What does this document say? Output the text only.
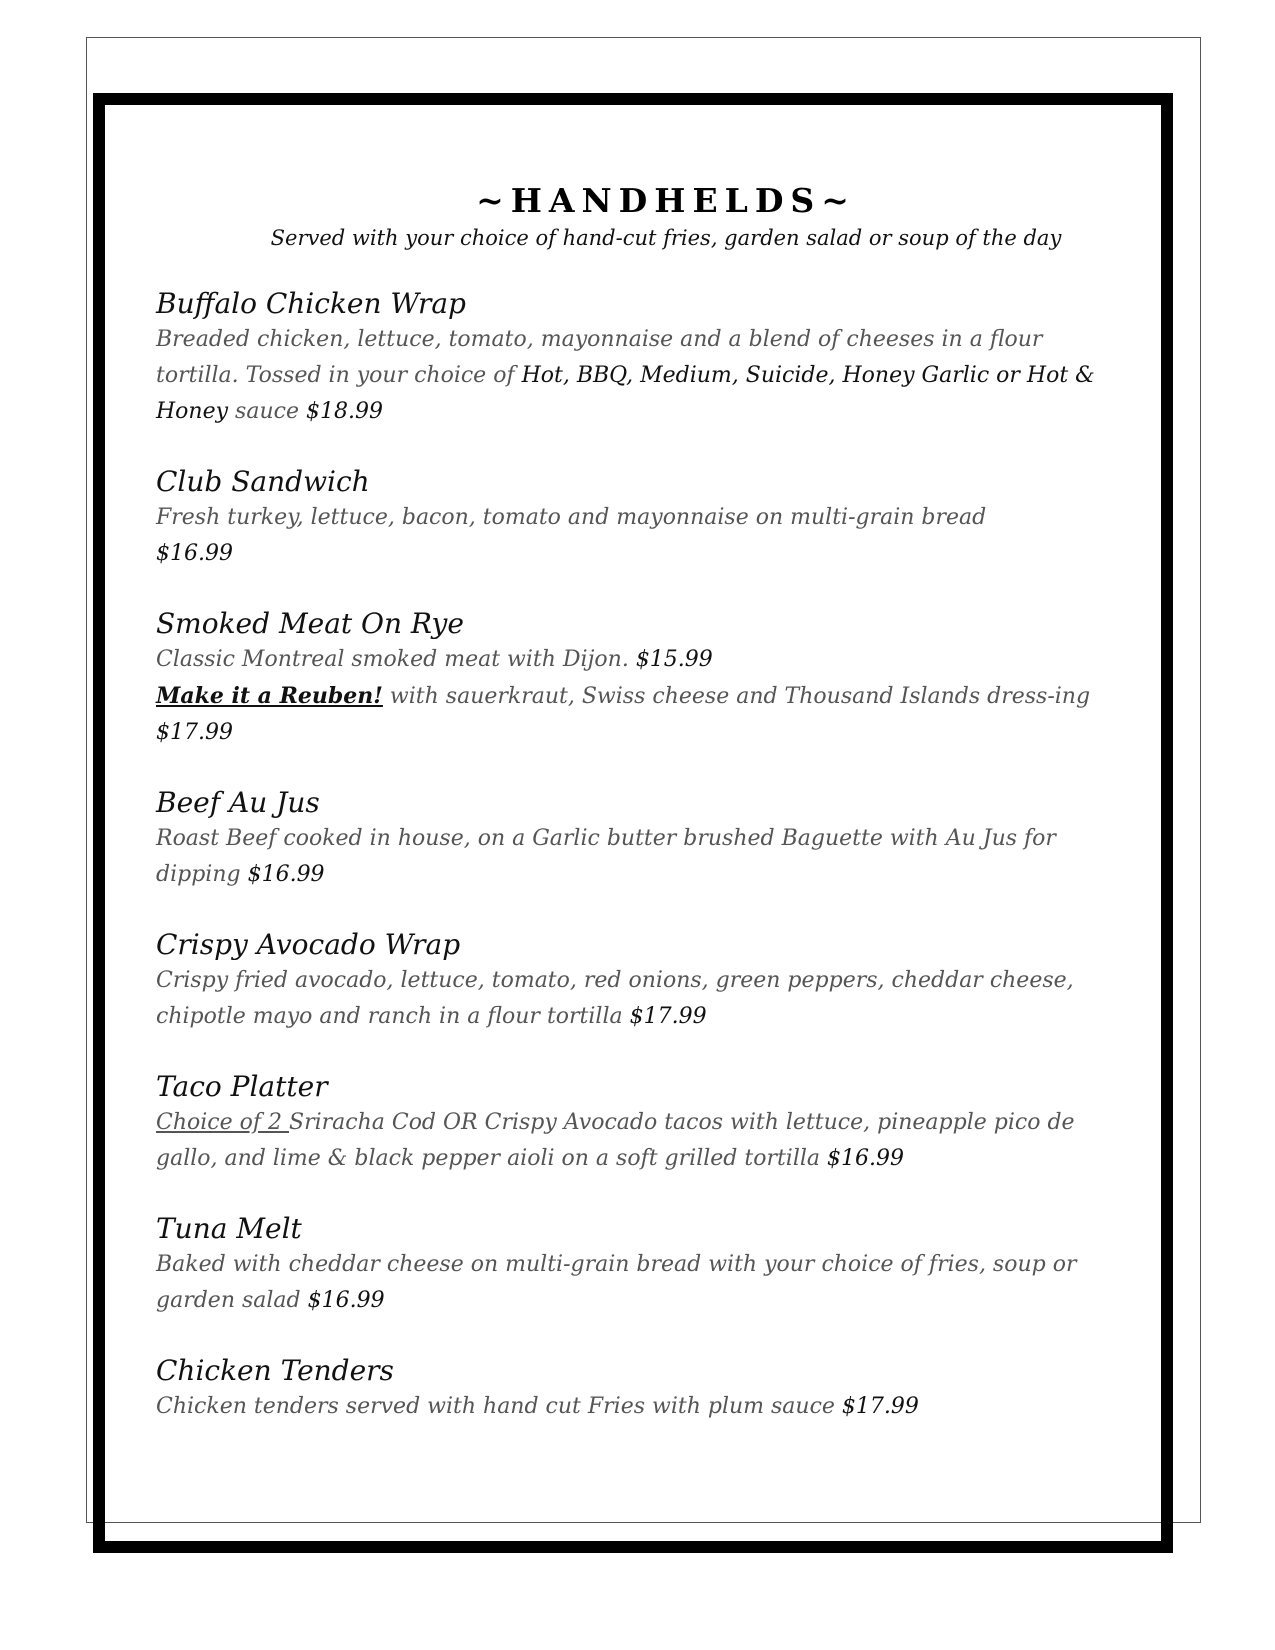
~HANDHELDS~
Served with your choice of hand-cut fries, garden salad or soup of the day
Buffalo Chicken Wrap
Breaded chicken, lettuce, tomato, mayonnaise and a blend of cheeses in a flour tortilla. Tossed in your choice of Hot, BBQ, Medium, Suicide, Honey Garlic or Hot & Honey sauce $18.99
Club Sandwich
Fresh turkey, lettuce, bacon, tomato and mayonnaise on multi-grain bread
$16.99
Smoked Meat On Rye
Classic Montreal smoked meat with Dijon. $15.99
Make it a Reuben! with sauerkraut, Swiss cheese and Thousand Islands dress-ing $17.99
Beef Au Jus
Roast Beef cooked in house, on a Garlic butter brushed Baguette with Au Jus for dipping $16.99
Crispy Avocado Wrap
Crispy fried avocado, lettuce, tomato, red onions, green peppers, cheddar cheese, chipotle mayo and ranch in a flour tortilla $17.99
Taco Platter
Choice of 2 Sriracha Cod OR Crispy Avocado tacos with lettuce, pineapple pico de gallo, and lime & black pepper aioli on a soft grilled tortilla $16.99
Tuna Melt
Baked with cheddar cheese on multi-grain bread with your choice of fries, soup or garden salad $16.99
Chicken Tenders
Chicken tenders served with hand cut Fries with plum sauce $17.99
